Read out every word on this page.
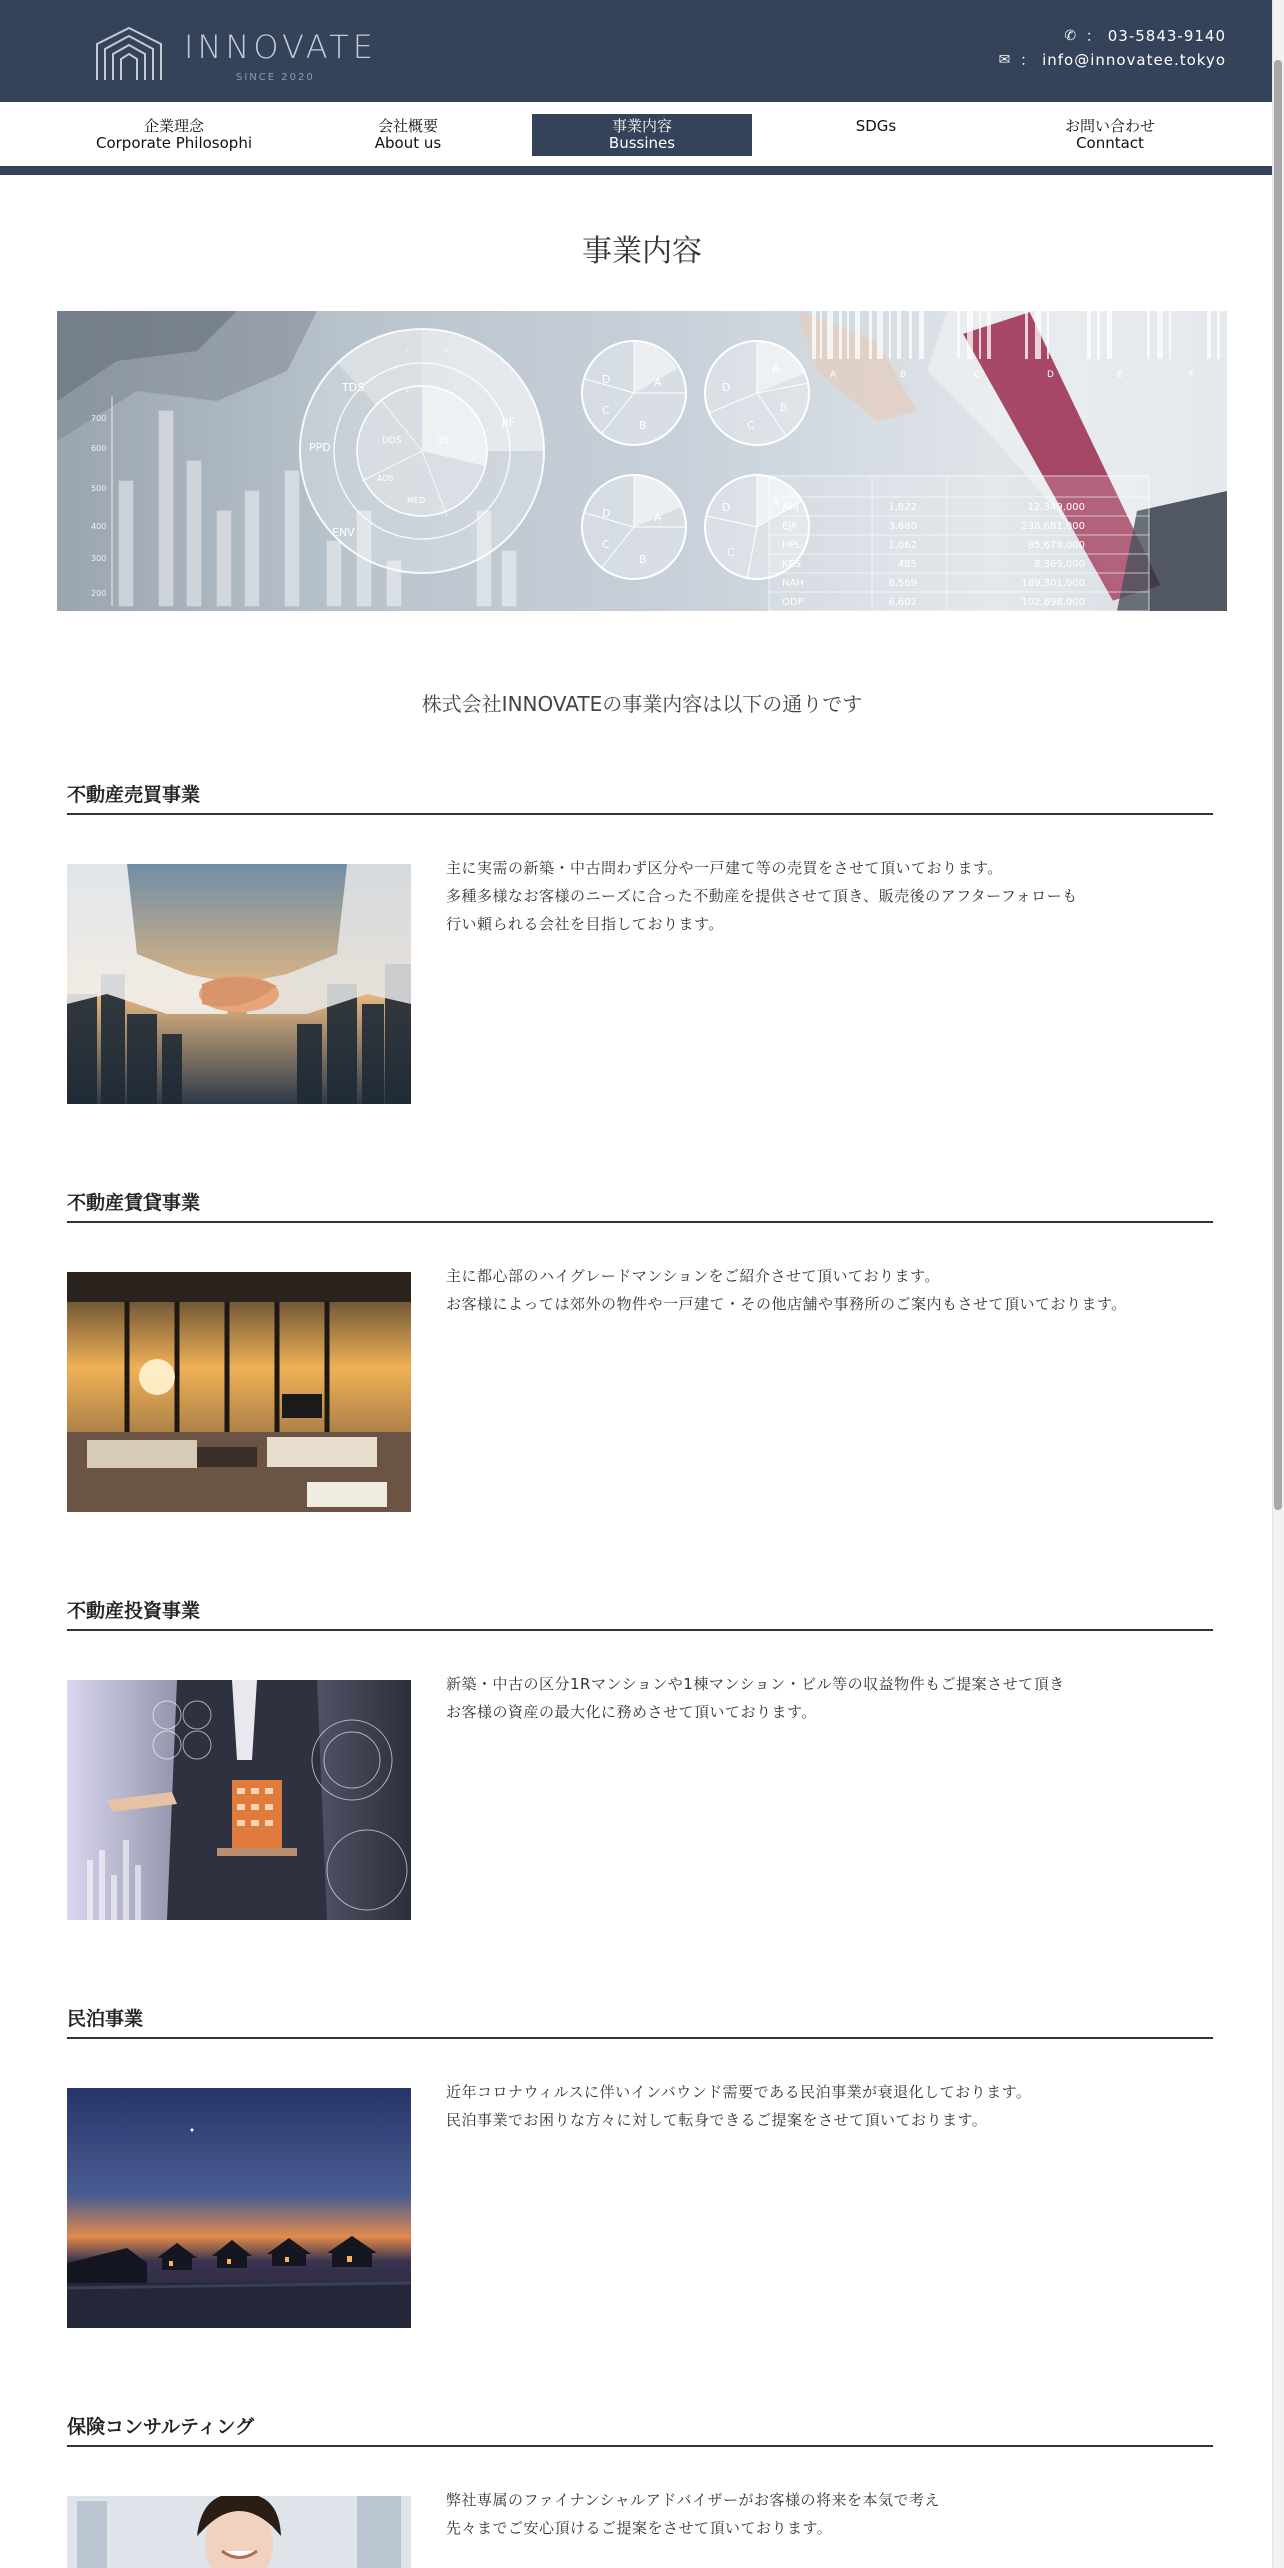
INNOVATE
SINCE 2020
✆ ： 03-5843-9140
✉ ： info@innovatee.tokyo
企業理念
Corporate Philosophi
会社概要
About us
事業内容
Bussines
SDGs	お問い合わせ
Conntact
事業内容
700
600
500
400
300
200
TDS
JIF
PPD	DDS	JEI
ADS
MED
ENV
A
B
C
D
A
B
C
D
A
B
C
D
A
D
C
A	B	C	D	E	F
AHJ	1,822	12,349,000
EJK	3,680	238,681,000
HPL	1,062	85,678,000
KES	485	8,369,000
NAH	8,569	189,301,000
ODP	6,602	102,698,000
株式会社INNOVATEの事業内容は以下の通りです
不動産売買事業
主に実需の新築・中古問わず区分や一戸建て等の売買をさせて頂いております。
多種多様なお客様のニーズに合った不動産を提供させて頂き、販売後のアフターフォローも
行い頼られる会社を目指しております。
不動産賃貸事業
主に都心部のハイグレードマンションをご紹介させて頂いております。
お客様によっては郊外の物件や一戸建て・その他店舗や事務所のご案内もさせて頂いております。
不動産投資事業
新築・中古の区分1Rマンションや1棟マンション・ビル等の収益物件もご提案させて頂き
お客様の資産の最大化に務めさせて頂いております。
民泊事業
近年コロナウィルスに伴いインバウンド需要である民泊事業が衰退化しております。
民泊事業でお困りな方々に対して転身できるご提案をさせて頂いております。
保険コンサルティング
弊社専属のファイナンシャルアドバイザーがお客様の将来を本気で考え
先々までご安心頂けるご提案をさせて頂いております。
